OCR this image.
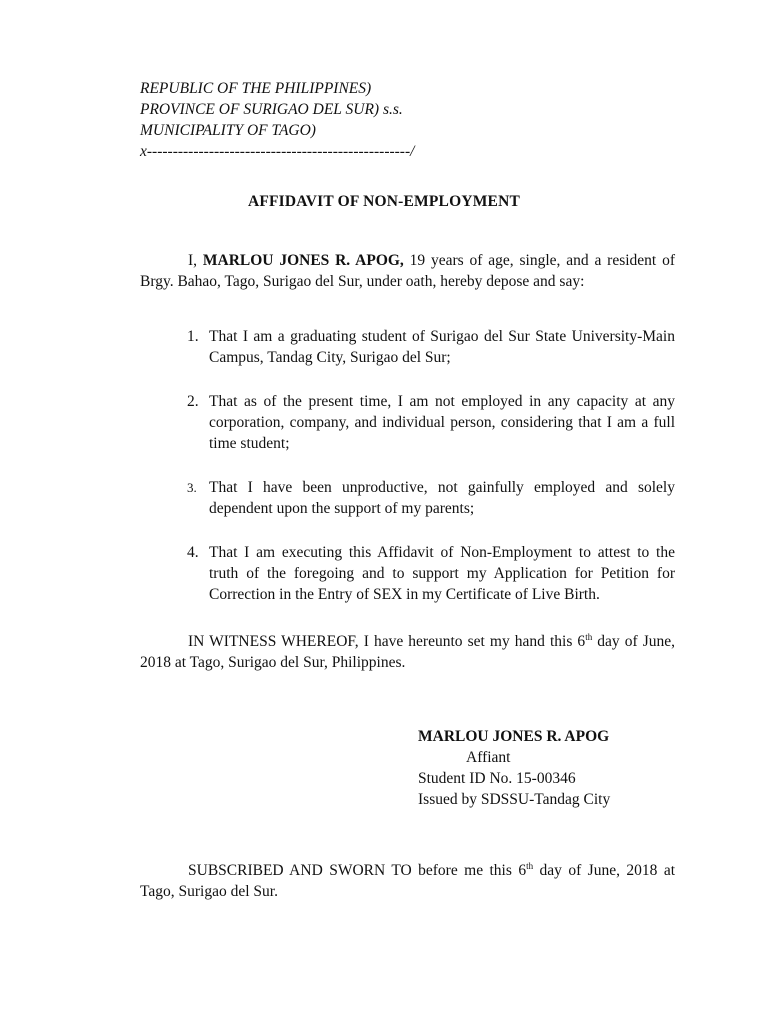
REPUBLIC OF THE PHILIPPINES)
PROVINCE OF SURIGAO DEL SUR) s.s.
MUNICIPALITY OF TAGO)
x---------------------------------------------------/
AFFIDAVIT OF NON-EMPLOYMENT
I, MARLOU JONES R. APOG, 19 years of age, single, and a resident of Brgy. Bahao, Tago, Surigao del Sur, under oath, hereby depose and say:
1. That I am a graduating student of Surigao del Sur State University-Main Campus, Tandag City, Surigao del Sur;
2. That as of the present time, I am not employed in any capacity at any corporation, company, and individual person, considering that I am a full time student;
3. That I have been unproductive, not gainfully employed and solely dependent upon the support of my parents;
4. That I am executing this Affidavit of Non-Employment to attest to the truth of the foregoing and to support my Application for Petition for Correction in the Entry of SEX in my Certificate of Live Birth.
IN WITNESS WHEREOF, I have hereunto set my hand this 6th day of June, 2018 at Tago, Surigao del Sur, Philippines.
MARLOU JONES R. APOG
Affiant
Student ID No. 15-00346
Issued by SDSSU-Tandag City
SUBSCRIBED AND SWORN TO before me this 6th day of June, 2018 at Tago, Surigao del Sur.
